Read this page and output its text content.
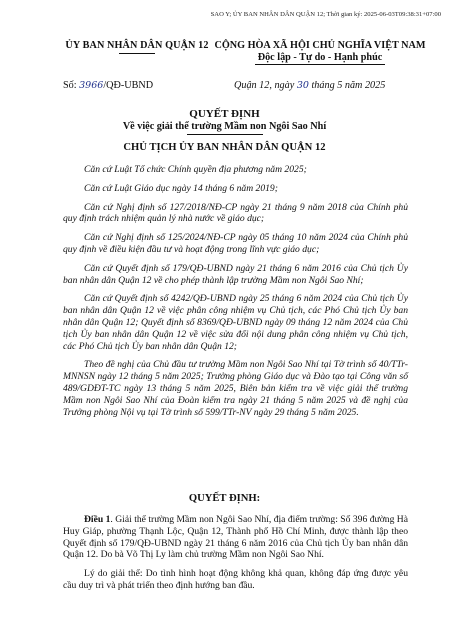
SAO Y; ỦY BAN NHÂN DÂN QUẬN 12; Thời gian ký: 2025-06-03T09:38:31+07:00
ỦY BAN NHÂN DÂN QUẬN 12 CỘNG HÒA XÃ HỘI CHỦ NGHĨA VIỆT NAM
Độc lập - Tự do - Hạnh phúc
Số: 3966/QĐ-UBND	Quận 12, ngày 30 tháng 5 năm 2025
QUYẾT ĐỊNH
Về việc giải thể trường Mầm non Ngôi Sao Nhí
CHỦ TỊCH ỦY BAN NHÂN DÂN QUẬN 12

Căn cứ Luật Tổ chức Chính quyền địa phương năm 2025;

Căn cứ Luật Giáo dục ngày 14 tháng 6 năm 2019;

Căn cứ Nghị định số 127/2018/NĐ-CP ngày 21 tháng 9 năm 2018 của Chính phủ quy định trách nhiệm quản lý nhà nước về giáo dục;

Căn cứ Nghị định số 125/2024/NĐ-CP ngày 05 tháng 10 năm 2024 của Chính phủ quy định về điều kiện đầu tư và hoạt động trong lĩnh vực giáo dục;

Căn cứ Quyết định số 179/QĐ-UBND ngày 21 tháng 6 năm 2016 của Chủ tịch Ủy ban nhân dân Quận 12 về cho phép thành lập trường Mầm non Ngôi Sao Nhí;

Căn cứ Quyết định số 4242/QĐ-UBND ngày 25 tháng 6 năm 2024 của Chủ tịch Ủy ban nhân dân Quận 12 về việc phân công nhiệm vụ Chủ tịch, các Phó Chủ tịch Ủy ban nhân dân Quận 12; Quyết định số 8369/QĐ-UBND ngày 09 tháng 12 năm 2024 của Chủ tịch Ủy ban nhân dân Quận 12 về việc sửa đổi nội dung phân công nhiệm vụ Chủ tịch, các Phó Chủ tịch Ủy ban nhân dân Quận 12;

Theo đề nghị của Chủ đầu tư trường Mầm non Ngôi Sao Nhí tại Tờ trình số 40/TTr-MNNSN ngày 12 tháng 5 năm 2025; Trưởng phòng Giáo dục và Đào tạo tại Công văn số 489/GDĐT-TC ngày 13 tháng 5 năm 2025, Biên bản kiểm tra về việc giải thể trường Mầm non Ngôi Sao Nhí của Đoàn kiểm tra ngày 21 tháng 5 năm 2025 và đề nghị của Trưởng phòng Nội vụ tại Tờ trình số 599/TTr-NV ngày 29 tháng 5 năm 2025.

QUYẾT ĐỊNH:

Điều 1. Giải thể trường Mầm non Ngôi Sao Nhí, địa điểm trường: Số 396 đường Hà Huy Giáp, phường Thạnh Lộc, Quận 12, Thành phố Hồ Chí Minh, được thành lập theo Quyết định số 179/QĐ-UBND ngày 21 tháng 6 năm 2016 của Chủ tịch Ủy ban nhân dân Quận 12. Do bà Võ Thị Ly làm chủ trường Mầm non Ngôi Sao Nhí.

Lý do giải thể: Do tình hình hoạt động không khả quan, không đáp ứng được yêu cầu duy trì và phát triển theo định hướng ban đầu.
